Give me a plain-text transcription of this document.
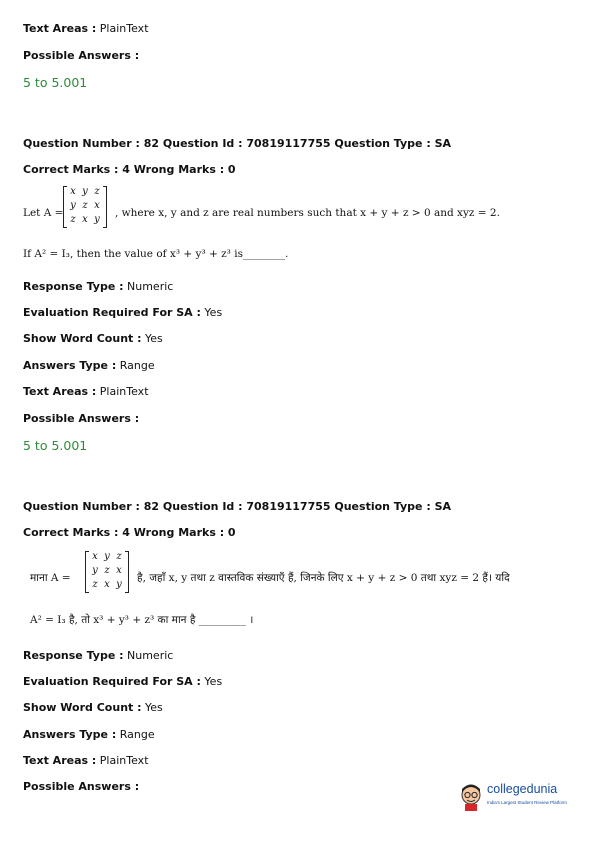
Text Areas : PlainText
Possible Answers :
5 to 5.001
Question Number : 82 Question Id : 70819117755 Question Type : SA
Correct Marks : 4 Wrong Marks : 0
Let A =
x y z
y z x
z x y
, where x, y and z are real numbers such that x + y + z > 0 and xyz = 2.
If A² = I₃, then the value of x³ + y³ + z³ is________.
Response Type : Numeric
Evaluation Required For SA : Yes
Show Word Count : Yes
Answers Type : Range
Text Areas : PlainText
Possible Answers :
5 to 5.001
Question Number : 82 Question Id : 70819117755 Question Type : SA
Correct Marks : 4 Wrong Marks : 0
माना A =
x y z
y z x
z x y
है, जहाँ x, y तथा z वास्तविक संख्याएँ हैं, जिनके लिए x + y + z > 0 तथा xyz = 2 हैं। यदि
A² = I₃ है, तो x³ + y³ + z³ का मान है _________ ।
Response Type : Numeric
Evaluation Required For SA : Yes
Show Word Count : Yes
Answers Type : Range
Text Areas : PlainText
Possible Answers :	collegedunia
India's Largest Student Review Platform
